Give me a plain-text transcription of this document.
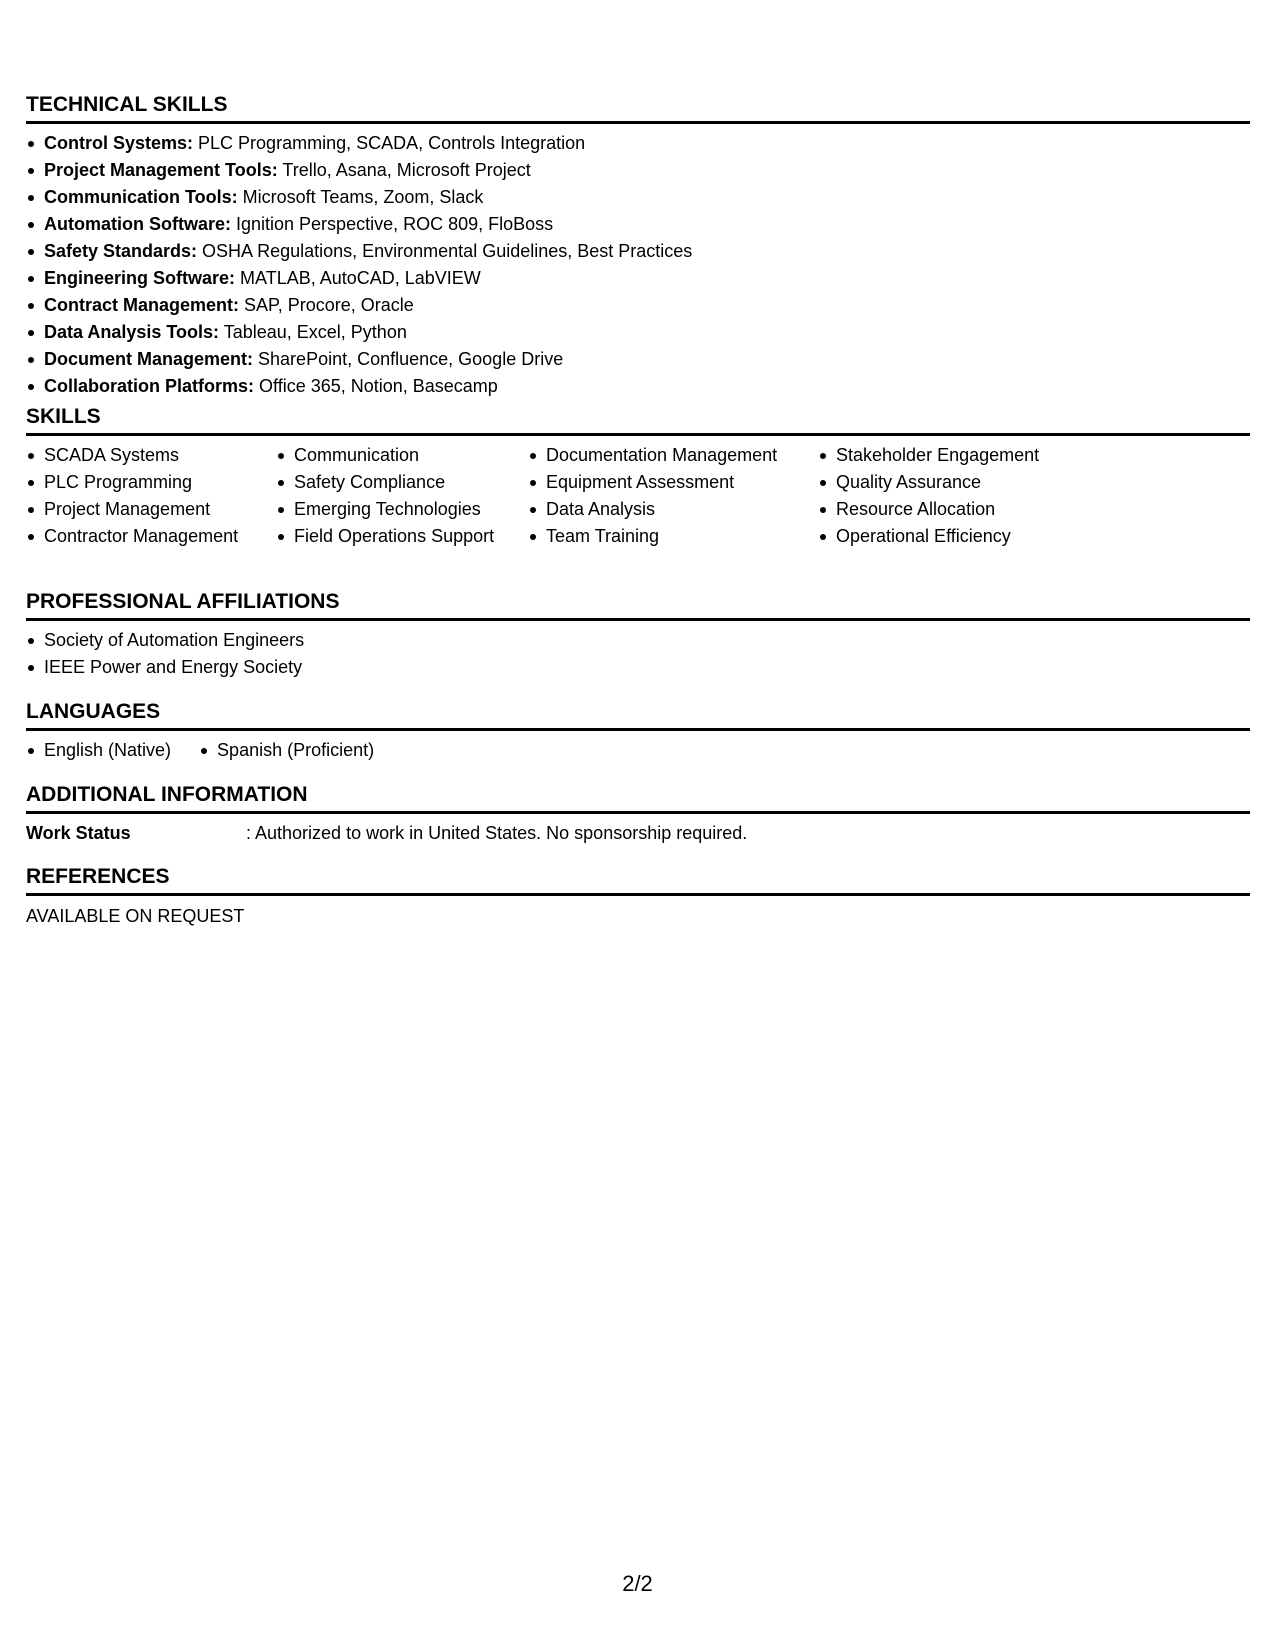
TECHNICAL SKILLS
Control Systems: PLC Programming, SCADA, Controls Integration
Project Management Tools: Trello, Asana, Microsoft Project
Communication Tools: Microsoft Teams, Zoom, Slack
Automation Software: Ignition Perspective, ROC 809, FloBoss
Safety Standards: OSHA Regulations, Environmental Guidelines, Best Practices
Engineering Software: MATLAB, AutoCAD, LabVIEW
Contract Management: SAP, Procore, Oracle
Data Analysis Tools: Tableau, Excel, Python
Document Management: SharePoint, Confluence, Google Drive
Collaboration Platforms: Office 365, Notion, Basecamp
SKILLS
SCADA Systems
PLC Programming
Project Management
Contractor Management
Communication
Safety Compliance
Emerging Technologies
Field Operations Support
Documentation Management
Equipment Assessment
Data Analysis
Team Training
Stakeholder Engagement
Quality Assurance
Resource Allocation
Operational Efficiency
PROFESSIONAL AFFILIATIONS
Society of Automation Engineers
IEEE Power and Energy Society
LANGUAGES
English (Native)	Spanish (Proficient)
ADDITIONAL INFORMATION
Work Status	: Authorized to work in United States. No sponsorship required.
REFERENCES
AVAILABLE ON REQUEST
2/2
